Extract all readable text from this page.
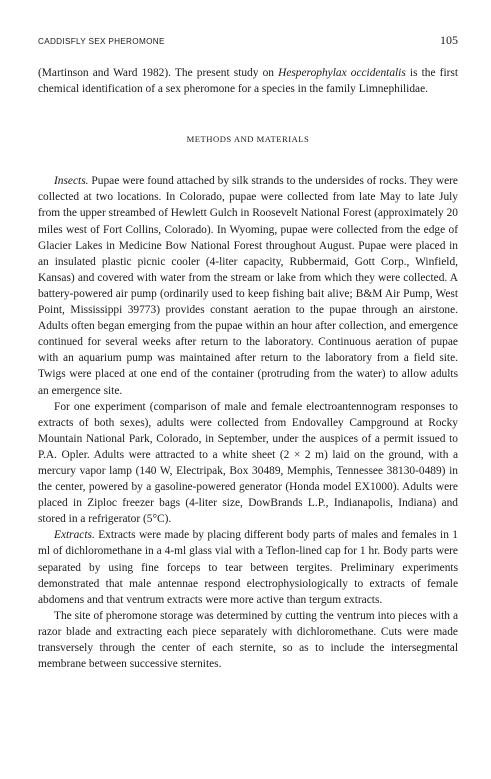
CADDISFLY SEX PHEROMONE	105

(Martinson and Ward 1982). The present study on Hesperophylax occidentalis is the first chemical identification of a sex pheromone for a species in the family Limnephilidae.

METHODS AND MATERIALS

Insects. Pupae were found attached by silk strands to the undersides of rocks. They were collected at two locations. In Colorado, pupae were collected from late May to late July from the upper streambed of Hewlett Gulch in Roosevelt National Forest (approximately 20 miles west of Fort Collins, Colorado). In Wyoming, pupae were collected from the edge of Glacier Lakes in Medicine Bow National Forest throughout August. Pupae were placed in an insulated plastic picnic cooler (4-liter capacity, Rubbermaid, Gott Corp., Winfield, Kansas) and covered with water from the stream or lake from which they were collected. A battery-powered air pump (ordinarily used to keep fishing bait alive; B&M Air Pump, West Point, Mississippi 39773) provides constant aeration to the pupae through an airstone. Adults often began emerging from the pupae within an hour after collection, and emergence continued for several weeks after return to the laboratory. Continuous aeration of pupae with an aquarium pump was maintained after return to the laboratory from a field site. Twigs were placed at one end of the container (protruding from the water) to allow adults an emergence site.

For one experiment (comparison of male and female electroantennogram responses to extracts of both sexes), adults were collected from Endovalley Campground at Rocky Mountain National Park, Colorado, in September, under the auspices of a permit issued to P.A. Opler. Adults were attracted to a white sheet (2 × 2 m) laid on the ground, with a mercury vapor lamp (140 W, Electripak, Box 30489, Memphis, Tennessee 38130-0489) in the center, powered by a gasoline-powered generator (Honda model EX1000). Adults were placed in Ziploc freezer bags (4-liter size, DowBrands L.P., Indianapolis, Indiana) and stored in a refrigerator (5°C).

Extracts. Extracts were made by placing different body parts of males and females in 1 ml of dichloromethane in a 4-ml glass vial with a Teflon-lined cap for 1 hr. Body parts were separated by using fine forceps to tear between tergites. Preliminary experiments demonstrated that male antennae respond electrophysiologically to extracts of female abdomens and that ventrum extracts were more active than tergum extracts.

The site of pheromone storage was determined by cutting the ventrum into pieces with a razor blade and extracting each piece separately with dichloromethane. Cuts were made transversely through the center of each sternite, so as to include the intersegmental membrane between successive sternites.
